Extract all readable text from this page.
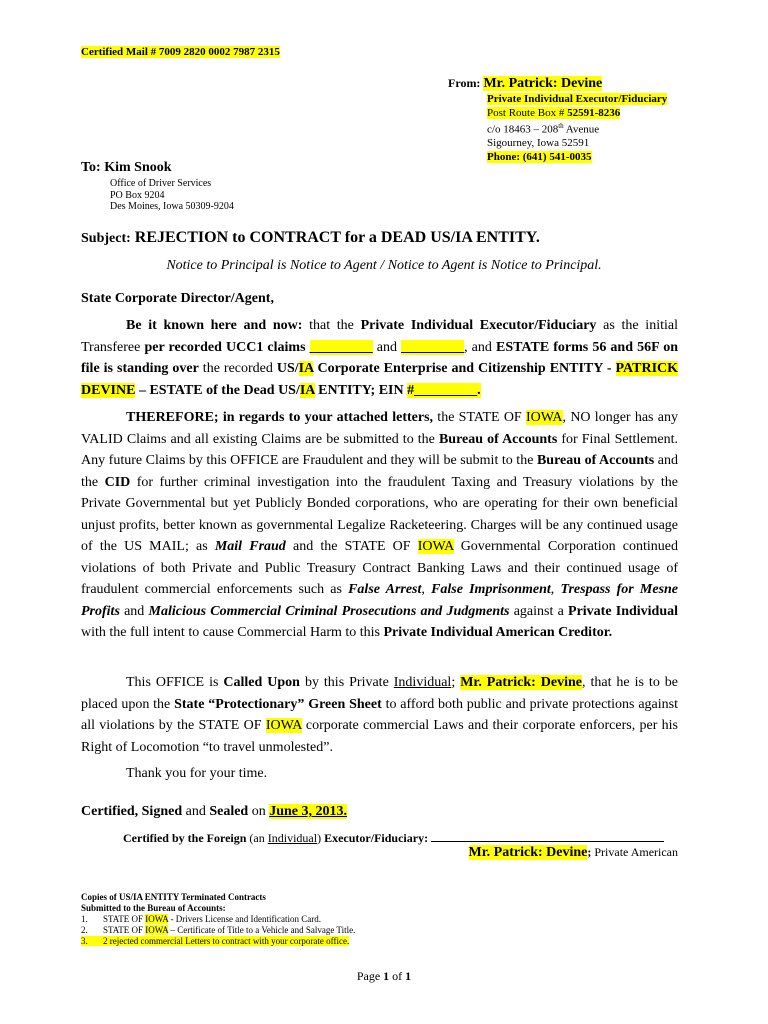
Certified Mail # 7009 2820 0002 7987 2315
From: Mr. Patrick: Devine
Private Individual Executor/Fiduciary
Post Route Box # 52591-8236
c/o 18463 – 208th Avenue
Sigourney, Iowa 52591
Phone: (641) 541-0035
To: Kim Snook
Office of Driver Services
PO Box 9204
Des Moines, Iowa 50309-9204
Subject: REJECTION to CONTRACT for a DEAD US/IA ENTITY.
Notice to Principal is Notice to Agent / Notice to Agent is Notice to Principal.
State Corporate Director/Agent,
Be it known here and now: that the Private Individual Executor/Fiduciary as the initial Transferee per recorded UCC1 claims _________ and _________, and ESTATE forms 56 and 56F on file is standing over the recorded US/IA Corporate Enterprise and Citizenship ENTITY - PATRICK DEVINE – ESTATE of the Dead US/IA ENTITY; EIN #_________.
THEREFORE; in regards to your attached letters, the STATE OF IOWA, NO longer has any VALID Claims and all existing Claims are be submitted to the Bureau of Accounts for Final Settlement. Any future Claims by this OFFICE are Fraudulent and they will be submit to the Bureau of Accounts and the CID for further criminal investigation into the fraudulent Taxing and Treasury violations by the Private Governmental but yet Publicly Bonded corporations, who are operating for their own beneficial unjust profits, better known as governmental Legalize Racketeering. Charges will be any continued usage of the US MAIL; as Mail Fraud and the STATE OF IOWA Governmental Corporation continued violations of both Private and Public Treasury Contract Banking Laws and their continued usage of fraudulent commercial enforcements such as False Arrest, False Imprisonment, Trespass for Mesne Profits and Malicious Commercial Criminal Prosecutions and Judgments against a Private Individual with the full intent to cause Commercial Harm to this Private Individual American Creditor.
This OFFICE is Called Upon by this Private Individual; Mr. Patrick: Devine, that he is to be placed upon the State “Protectionary” Green Sheet to afford both public and private protections against all violations by the STATE OF IOWA corporate commercial Laws and their corporate enforcers, per his Right of Locomotion “to travel unmolested”.
Thank you for your time.
Certified, Signed and Sealed on June 3, 2013.
Certified by the Foreign (an Individual) Executor/Fiduciary:
Mr. Patrick: Devine; Private American
Copies of US/IA ENTITY Terminated Contracts
Submitted to the Bureau of Accounts:
1. STATE OF IOWA - Drivers License and Identification Card.
2. STATE OF IOWA – Certificate of Title to a Vehicle and Salvage Title.
3. 2 rejected commercial Letters to contract with your corporate office.
Page 1 of 1
